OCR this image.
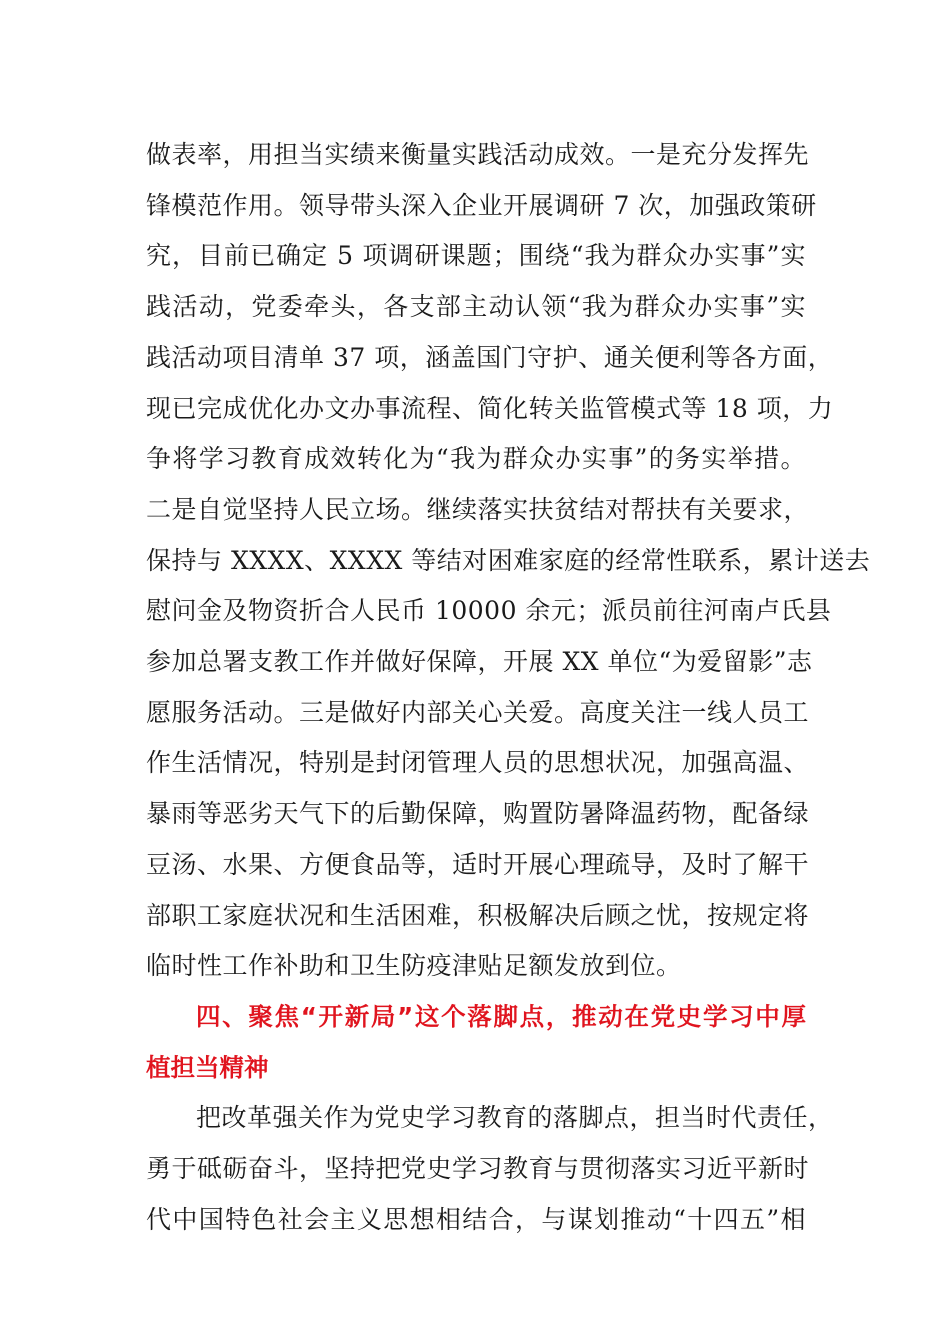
做表率，用担当实绩来衡量实践活动成效。一是充分发挥先
锋模范作用。领导带头深入企业开展调研 7 次，加强政策研
究，目前已确定 5 项调研课题；围绕“我为群众办实事”实
践活动，党委牵头，各支部主动认领“我为群众办实事”实
践活动项目清单 37 项，涵盖国门守护、通关便利等各方面，
现已完成优化办文办事流程、简化转关监管模式等 18 项，力
争将学习教育成效转化为“我为群众办实事”的务实举措。
二是自觉坚持人民立场。继续落实扶贫结对帮扶有关要求，
保持与 XXXX、XXXX 等结对困难家庭的经常性联系，累计送去
慰问金及物资折合人民币 10000 余元；派员前往河南卢氏县
参加总署支教工作并做好保障，开展 XX 单位“为爱留影”志
愿服务活动。三是做好内部关心关爱。高度关注一线人员工
作生活情况，特别是封闭管理人员的思想状况，加强高温、
暴雨等恶劣天气下的后勤保障，购置防暑降温药物，配备绿
豆汤、水果、方便食品等，适时开展心理疏导，及时了解干
部职工家庭状况和生活困难，积极解决后顾之忧，按规定将
临时性工作补助和卫生防疫津贴足额发放到位。
四、聚焦“开新局”这个落脚点，推动在党史学习中厚
植担当精神
把改革强关作为党史学习教育的落脚点，担当时代责任，
勇于砥砺奋斗，坚持把党史学习教育与贯彻落实习近平新时
代中国特色社会主义思想相结合，与谋划推动“十四五”相
